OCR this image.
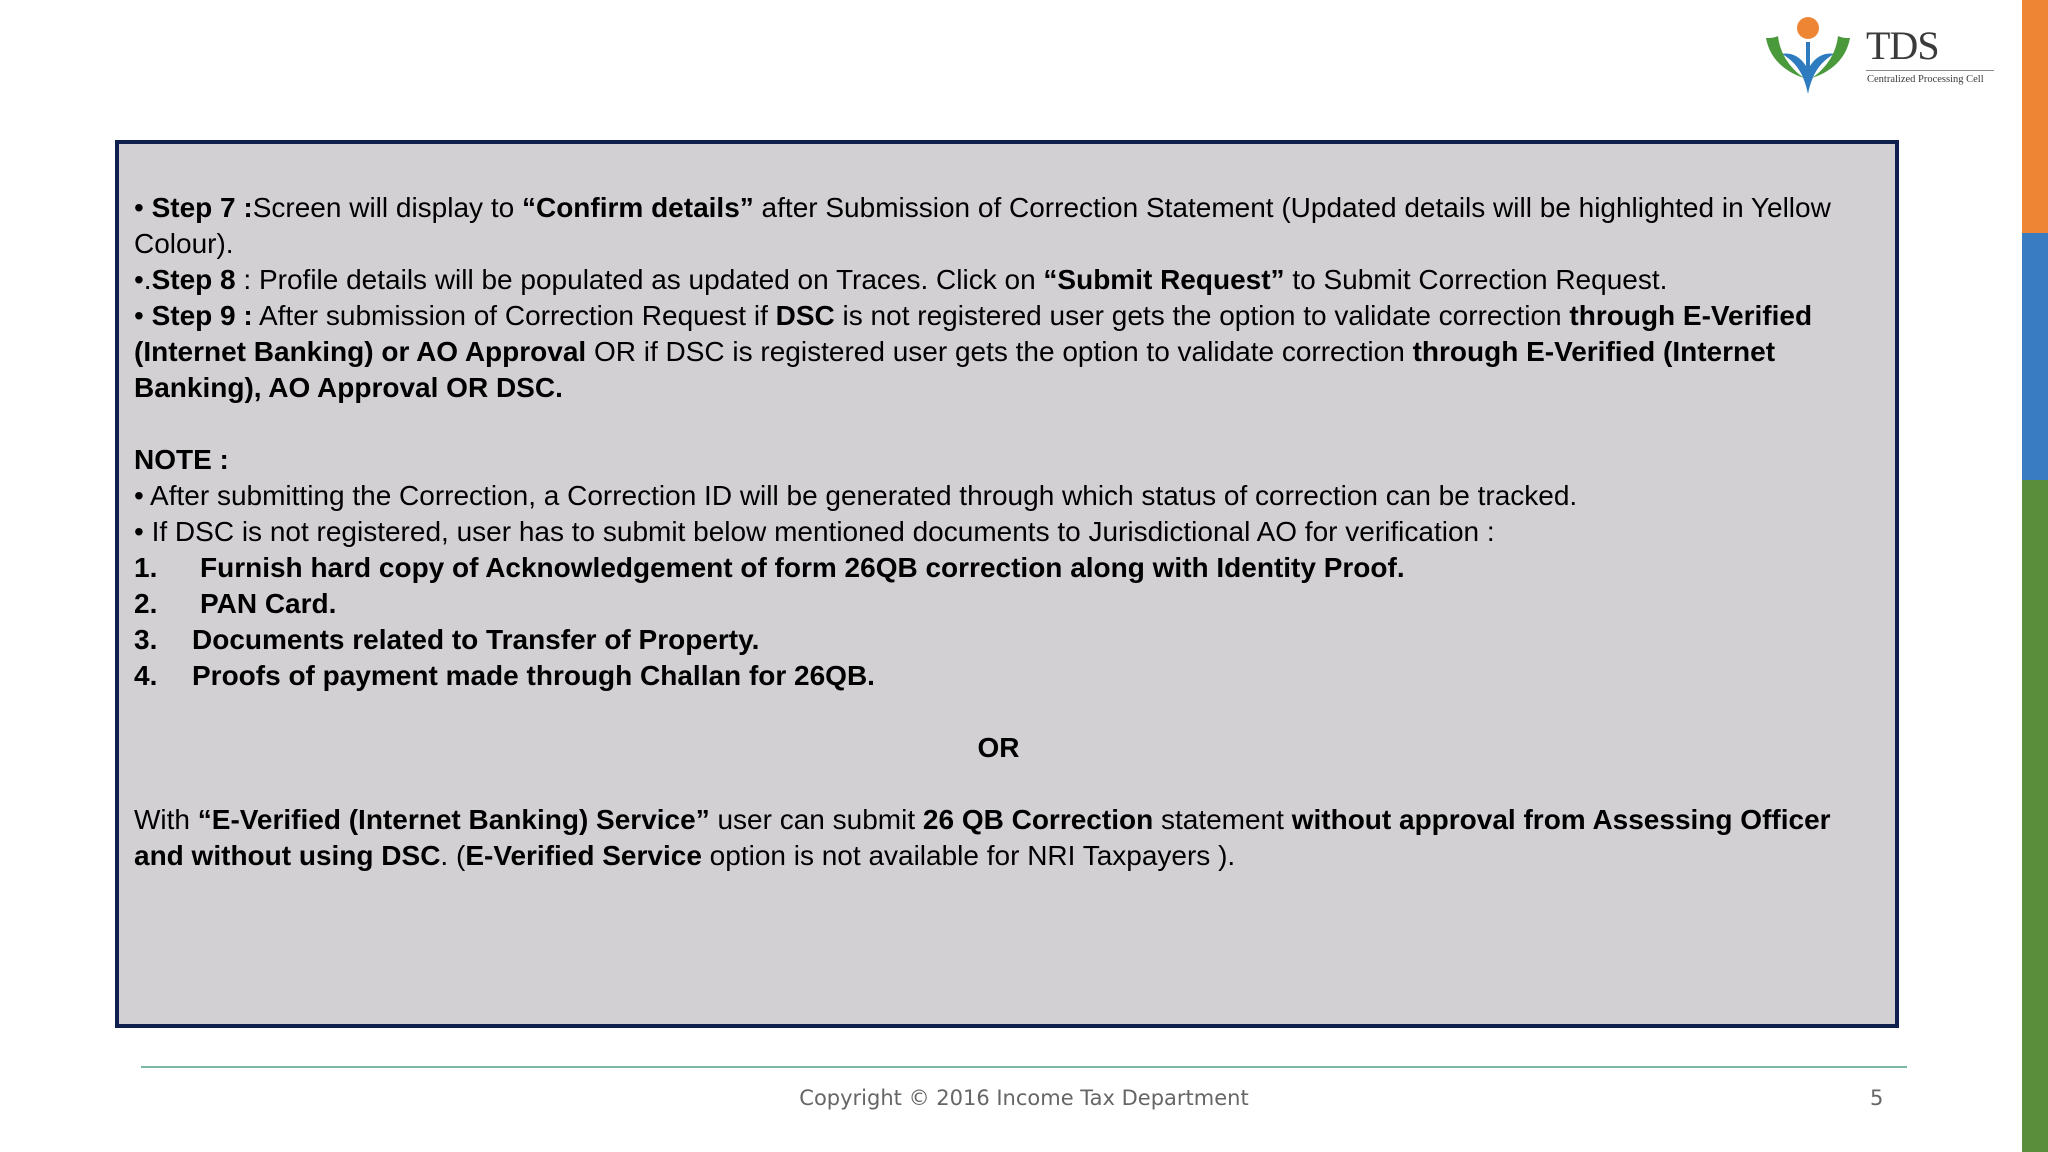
TDS
Centralized Processing Cell

• Step 7 :Screen will display to “Confirm details” after Submission of Correction Statement (Updated details will be highlighted in Yellow Colour).

•.Step 8 : Profile details will be populated as updated on Traces. Click on “Submit Request” to Submit Correction Request.

• Step 9 : After submission of Correction Request if DSC is not registered user gets the option to validate correction through E-Verified (Internet Banking) or AO Approval OR if DSC is registered user gets the option to validate correction through E-Verified (Internet Banking), AO Approval OR DSC.

NOTE :

• After submitting the Correction, a Correction ID will be generated through which status of correction can be tracked.

• If DSC is not registered, user has to submit below mentioned documents to Jurisdictional AO for verification :

1.	Furnish hard copy of Acknowledgement of form 26QB correction along with Identity Proof.
2.	PAN Card.
3.	Documents related to Transfer of Property.
4.	Proofs of payment made through Challan for 26QB.

OR

With “E-Verified (Internet Banking) Service” user can submit 26 QB Correction statement without approval from Assessing Officer and without using DSC. (E-Verified Service option is not available for NRI Taxpayers ).

Copyright © 2016 Income Tax Department	5
